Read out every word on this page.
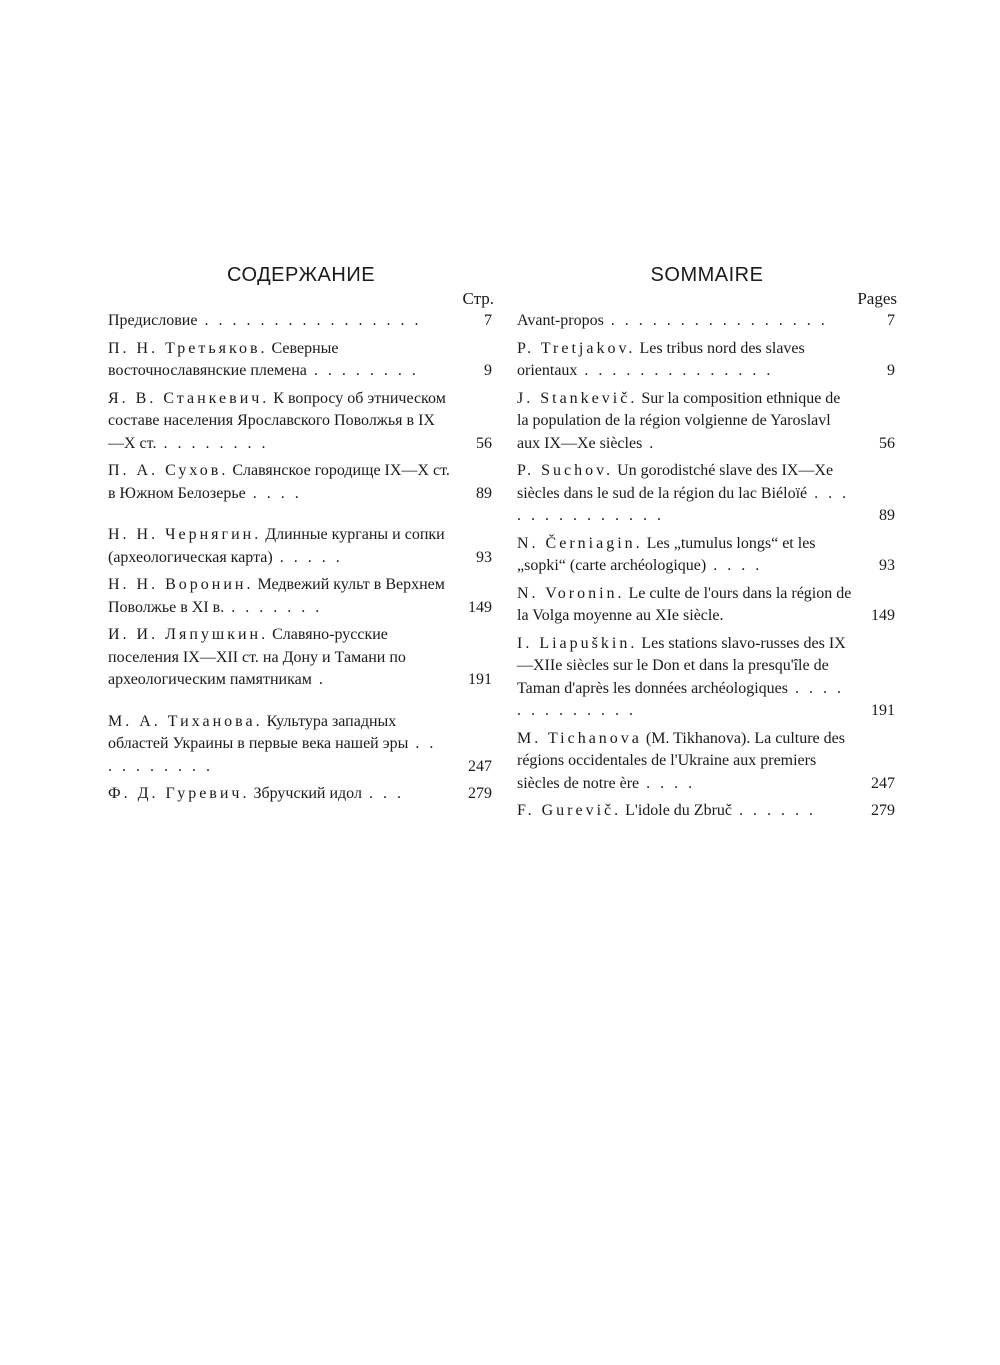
СОДЕРЖАНИЕ
Стр.
Предисловие . . . . . . . . . . . . . . . .	7
П. Н. Третьяков. Северные восточнославянские племена . . . . . . . .	9
Я. В. Станкевич. К вопросу об этническом составе населения Ярославского Поволжья в IX—X ст. . . . . . . . .	56
П. А. Сухов. Славянское городище IX—X ст. в Южном Белозерье . . . .	89
Н. Н. Чернягин. Длинные курганы и сопки (археологическая карта) . . . . .	93
Н. Н. Воронин. Медвежий культ в Верхнем Поволжье в XI в. . . . . . . .	149
И. И. Ляпушкин. Славяно-русские поселения IX—XII ст. на Дону и Тамани по археологическим памятникам .	191
М. А. Тиханова. Культура западных областей Украины в первые века нашей эры . . . . . . . . . .	247
Ф. Д. Гуревич. Збручский идол . . .	279
SOMMAIRE
Pages
Avant-propos . . . . . . . . . . . . . . . .	7
P. Tretjakov. Les tribus nord des slaves orientaux . . . . . . . . . . . . . .	9
J. Stankevič. Sur la composition ethnique de la population de la région volgienne de Yaroslavl aux IX—Xe siècles .	56
P. Suchov. Un gorodistché slave des IX—Xe siècles dans le sud de la région du lac Biéloïé . . . . . . . . . . . . . .	89
N. Černiagin. Les „tumulus longs“ et les „sopki“ (carte archéologique) . . . .	93
N. Voronin. Le culte de l'ours dans la région de la Volga moyenne au XIe siècle.	149
I. Liapuškin. Les stations slavo-russes des IX—XIIe siècles sur le Don et dans la presqu'île de Taman d'après les données archéologiques . . . . . . . . . . . . .	191
M. Tichanova (M. Tikhanova). La culture des régions occidentales de l'Ukraine aux premiers siècles de notre ère . . . .	247
F. Gurevič. L'idole du Zbruč . . . . . .	279
